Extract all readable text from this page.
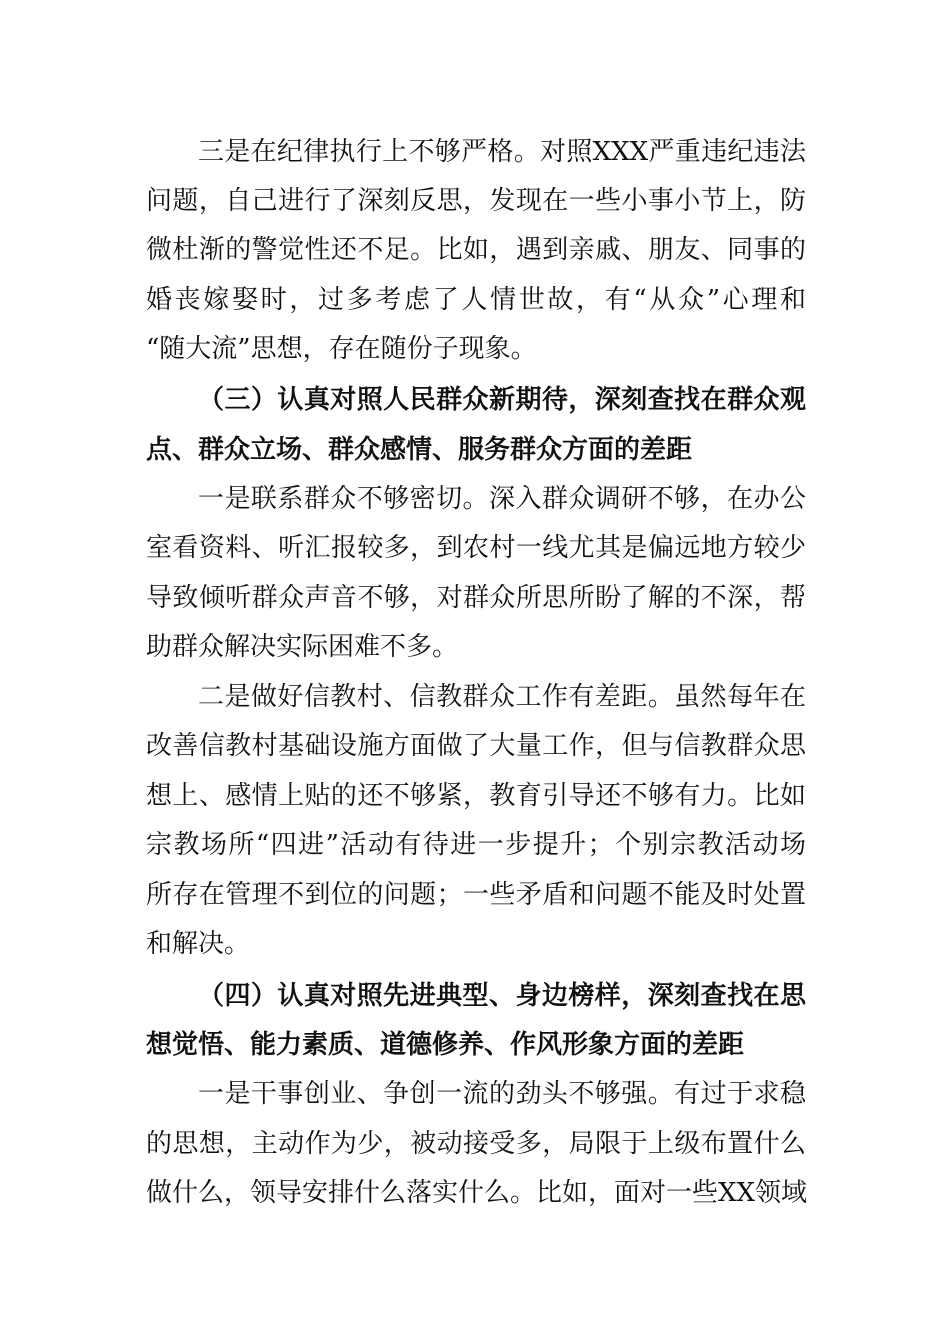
三是在纪律执行上不够严格。对照XXX严重违纪违法

问题，自己进行了深刻反思，发现在一些小事小节上，防

微杜渐的警觉性还不足。比如，遇到亲戚、朋友、同事的

婚丧嫁娶时，过多考虑了人情世故，有“从众”心理和

“随大流”思想，存在随份子现象。

（三）认真对照人民群众新期待，深刻查找在群众观

点、群众立场、群众感情、服务群众方面的差距

一是联系群众不够密切。深入群众调研不够，在办公

室看资料、听汇报较多，到农村一线尤其是偏远地方较少

导致倾听群众声音不够，对群众所思所盼了解的不深，帮

助群众解决实际困难不多。

二是做好信教村、信教群众工作有差距。虽然每年在

改善信教村基础设施方面做了大量工作，但与信教群众思

想上、感情上贴的还不够紧，教育引导还不够有力。比如

宗教场所“四进”活动有待进一步提升；个别宗教活动场

所存在管理不到位的问题；一些矛盾和问题不能及时处置

和解决。

（四）认真对照先进典型、身边榜样，深刻查找在思

想觉悟、能力素质、道德修养、作风形象方面的差距

一是干事创业、争创一流的劲头不够强。有过于求稳

的思想，主动作为少，被动接受多，局限于上级布置什么

做什么，领导安排什么落实什么。比如，面对一些XX领域
